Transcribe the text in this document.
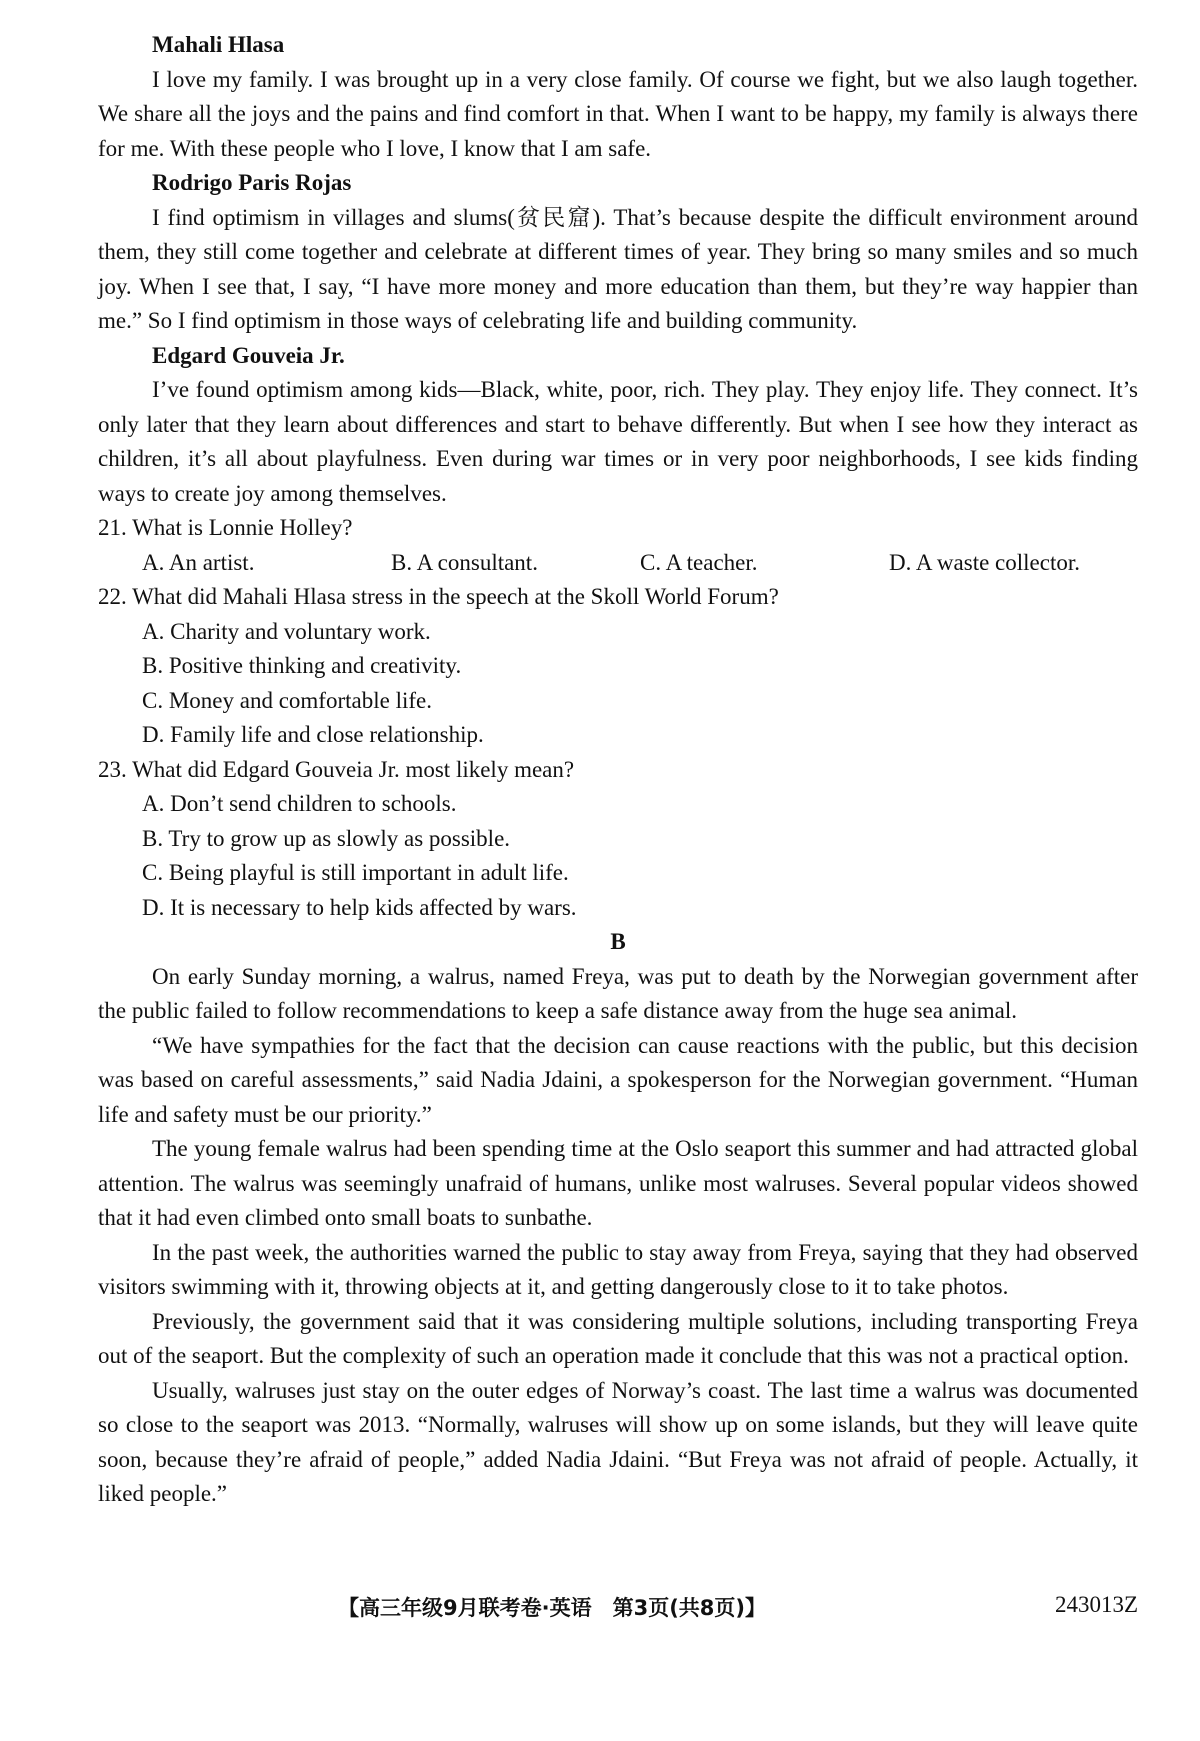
Mahali Hlasa

I love my family. I was brought up in a very close family. Of course we fight, but we also laugh together. We share all the joys and the pains and find comfort in that. When I want to be happy, my family is always there for me. With these people who I love, I know that I am safe.

Rodrigo Paris Rojas

I find optimism in villages and slums(贫民窟). That’s because despite the difficult environment around them, they still come together and celebrate at different times of year. They bring so many smiles and so much joy. When I see that, I say, “I have more money and more education than them, but they’re way happier than me.” So I find optimism in those ways of celebrating life and building community.

Edgard Gouveia Jr.

I’ve found optimism among kids—Black, white, poor, rich. They play. They enjoy life. They connect. It’s only later that they learn about differences and start to behave differently. But when I see how they interact as children, it’s all about playfulness. Even during war times or in very poor neighborhoods, I see kids finding ways to create joy among themselves.

21. What is Lonnie Holley?

A. An artist.	B. A consultant.	C. A teacher.	D. A waste collector.

22. What did Mahali Hlasa stress in the speech at the Skoll World Forum?

A. Charity and voluntary work.
B. Positive thinking and creativity.
C. Money and comfortable life.
D. Family life and close relationship.

23. What did Edgard Gouveia Jr. most likely mean?

A. Don’t send children to schools.
B. Try to grow up as slowly as possible.
C. Being playful is still important in adult life.
D. It is necessary to help kids affected by wars.

B

On early Sunday morning, a walrus, named Freya, was put to death by the Norwegian government after the public failed to follow recommendations to keep a safe distance away from the huge sea animal.

“We have sympathies for the fact that the decision can cause reactions with the public, but this decision was based on careful assessments,” said Nadia Jdaini, a spokesperson for the Norwegian government. “Human life and safety must be our priority.”

The young female walrus had been spending time at the Oslo seaport this summer and had attracted global attention. The walrus was seemingly unafraid of humans, unlike most walruses. Several popular videos showed that it had even climbed onto small boats to sunbathe.

In the past week, the authorities warned the public to stay away from Freya, saying that they had observed visitors swimming with it, throwing objects at it, and getting dangerously close to it to take photos.

Previously, the government said that it was considering multiple solutions, including transporting Freya out of the seaport. But the complexity of such an operation made it conclude that this was not a practical option.

Usually, walruses just stay on the outer edges of Norway’s coast. The last time a walrus was documented so close to the seaport was 2013. “Normally, walruses will show up on some islands, but they will leave quite soon, because they’re afraid of people,” added Nadia Jdaini. “But Freya was not afraid of people. Actually, it liked people.”

【高三年级9月联考卷·英语　第3页(共8页)】	243013Z
